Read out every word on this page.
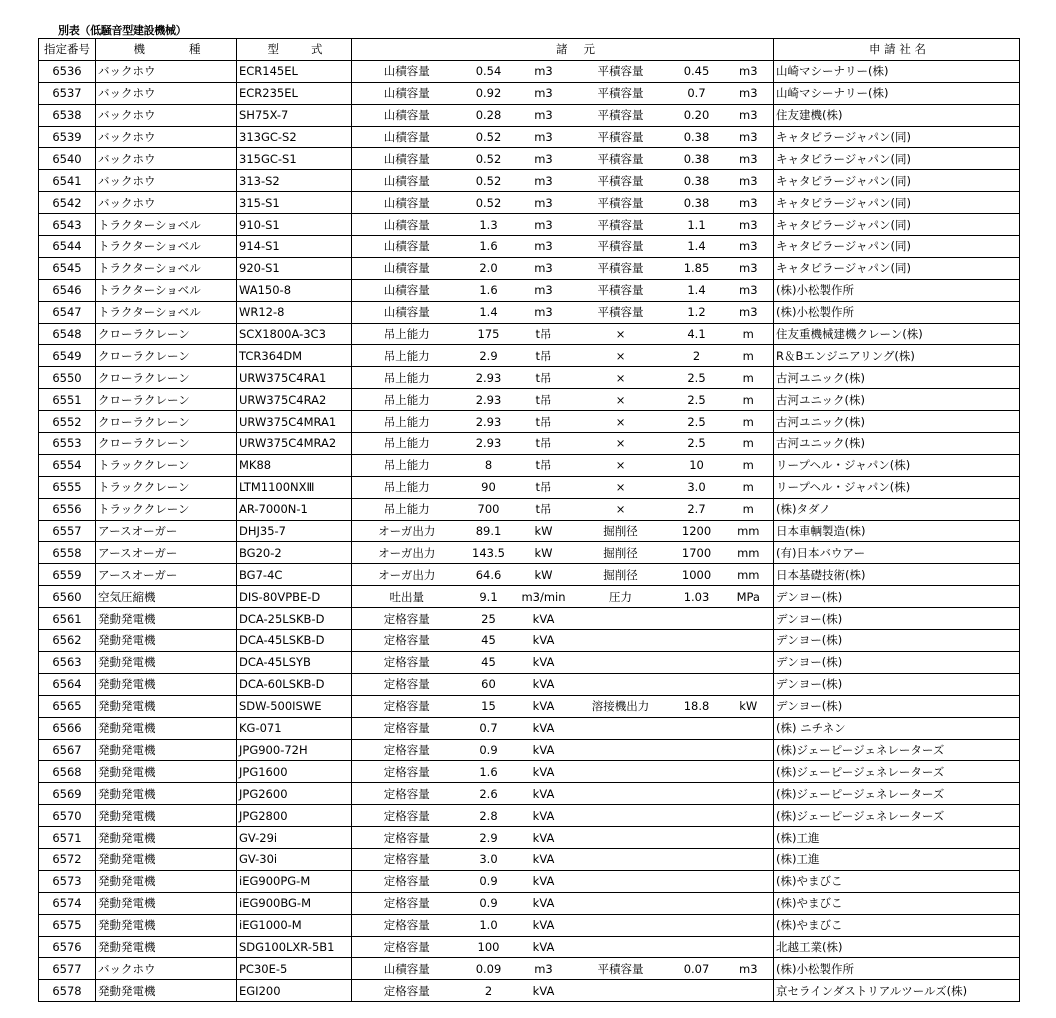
別表（低騒音型建設機械）
指定番号	機 種	型 式	諸			元			申 請 社 名
6536	バックホウ	ECR145EL	山積容量	0.54	m3	平積容量	0.45	m3	山崎マシーナリー(株)
6537	バックホウ	ECR235EL	山積容量	0.92	m3	平積容量	0.7	m3	山崎マシーナリー(株)
6538	バックホウ	SH75X-7	山積容量	0.28	m3	平積容量	0.20	m3	住友建機(株)
6539	バックホウ	313GC-S2	山積容量	0.52	m3	平積容量	0.38	m3	キャタピラージャパン(同)
6540	バックホウ	315GC-S1	山積容量	0.52	m3	平積容量	0.38	m3	キャタピラージャパン(同)
6541	バックホウ	313-S2	山積容量	0.52	m3	平積容量	0.38	m3	キャタピラージャパン(同)
6542	バックホウ	315-S1	山積容量	0.52	m3	平積容量	0.38	m3	キャタピラージャパン(同)
6543	トラクターショベル	910-S1	山積容量	1.3	m3	平積容量	1.1	m3	キャタピラージャパン(同)
6544	トラクターショベル	914-S1	山積容量	1.6	m3	平積容量	1.4	m3	キャタピラージャパン(同)
6545	トラクターショベル	920-S1	山積容量	2.0	m3	平積容量	1.85	m3	キャタピラージャパン(同)
6546	トラクターショベル	WA150-8	山積容量	1.6	m3	平積容量	1.4	m3	(株)小松製作所
6547	トラクターショベル	WR12-8	山積容量	1.4	m3	平積容量	1.2	m3	(株)小松製作所
6548	クローラクレーン	SCX1800A-3C3	吊上能力	175	t吊	×	4.1	m	住友重機械建機クレーン(株)
6549	クローラクレーン	TCR364DM	吊上能力	2.9	t吊	×	2	m	R＆Bエンジニアリング(株)
6550	クローラクレーン	URW375C4RA1	吊上能力	2.93	t吊	×	2.5	m	古河ユニック(株)
6551	クローラクレーン	URW375C4RA2	吊上能力	2.93	t吊	×	2.5	m	古河ユニック(株)
6552	クローラクレーン	URW375C4MRA1	吊上能力	2.93	t吊	×	2.5	m	古河ユニック(株)
6553	クローラクレーン	URW375C4MRA2	吊上能力	2.93	t吊	×	2.5	m	古河ユニック(株)
6554	トラッククレーン	MK88	吊上能力	8	t吊	×	10	m	リープヘル・ジャパン(株)
6555	トラッククレーン	LTM1100NXⅢ	吊上能力	90	t吊	×	3.0	m	リープヘル・ジャパン(株)
6556	トラッククレーン	AR-7000N-1	吊上能力	700	t吊	×	2.7	m	(株)タダノ
6557	アースオーガー	DHJ35-7	オーガ出力	89.1	kW	掘削径	1200	mm	日本車輌製造(株)
6558	アースオーガー	BG20-2	オーガ出力	143.5	kW	掘削径	1700	mm	(有)日本バウアー
6559	アースオーガー	BG7-4C	オーガ出力	64.6	kW	掘削径	1000	mm	日本基礎技術(株)
6560	空気圧縮機	DIS-80VPBE-D	吐出量	9.1	m3/min	圧力	1.03	MPa	デンヨー(株)
6561	発動発電機	DCA-25LSKB-D	定格容量	25	kVA				デンヨー(株)
6562	発動発電機	DCA-45LSKB-D	定格容量	45	kVA				デンヨー(株)
6563	発動発電機	DCA-45LSYB	定格容量	45	kVA				デンヨー(株)
6564	発動発電機	DCA-60LSKB-D	定格容量	60	kVA				デンヨー(株)
6565	発動発電機	SDW-500ISWE	定格容量	15	kVA	溶接機出力	18.8	kW	デンヨー(株)
6566	発動発電機	KG-071	定格容量	0.7	kVA				(株) ニチネン
6567	発動発電機	JPG900-72H	定格容量	0.9	kVA				(株)ジェーピージェネレーターズ
6568	発動発電機	JPG1600	定格容量	1.6	kVA				(株)ジェーピージェネレーターズ
6569	発動発電機	JPG2600	定格容量	2.6	kVA				(株)ジェーピージェネレーターズ
6570	発動発電機	JPG2800	定格容量	2.8	kVA				(株)ジェーピージェネレーターズ
6571	発動発電機	GV-29i	定格容量	2.9	kVA				(株)工進
6572	発動発電機	GV-30i	定格容量	3.0	kVA				(株)工進
6573	発動発電機	iEG900PG-M	定格容量	0.9	kVA				(株)やまびこ
6574	発動発電機	iEG900BG-M	定格容量	0.9	kVA				(株)やまびこ
6575	発動発電機	iEG1000-M	定格容量	1.0	kVA				(株)やまびこ
6576	発動発電機	SDG100LXR-5B1	定格容量	100	kVA				北越工業(株)
6577	バックホウ	PC30E-5	山積容量	0.09	m3	平積容量	0.07	m3	(株)小松製作所
6578	発動発電機	EGI200	定格容量	2	kVA				京セラインダストリアルツールズ(株)
